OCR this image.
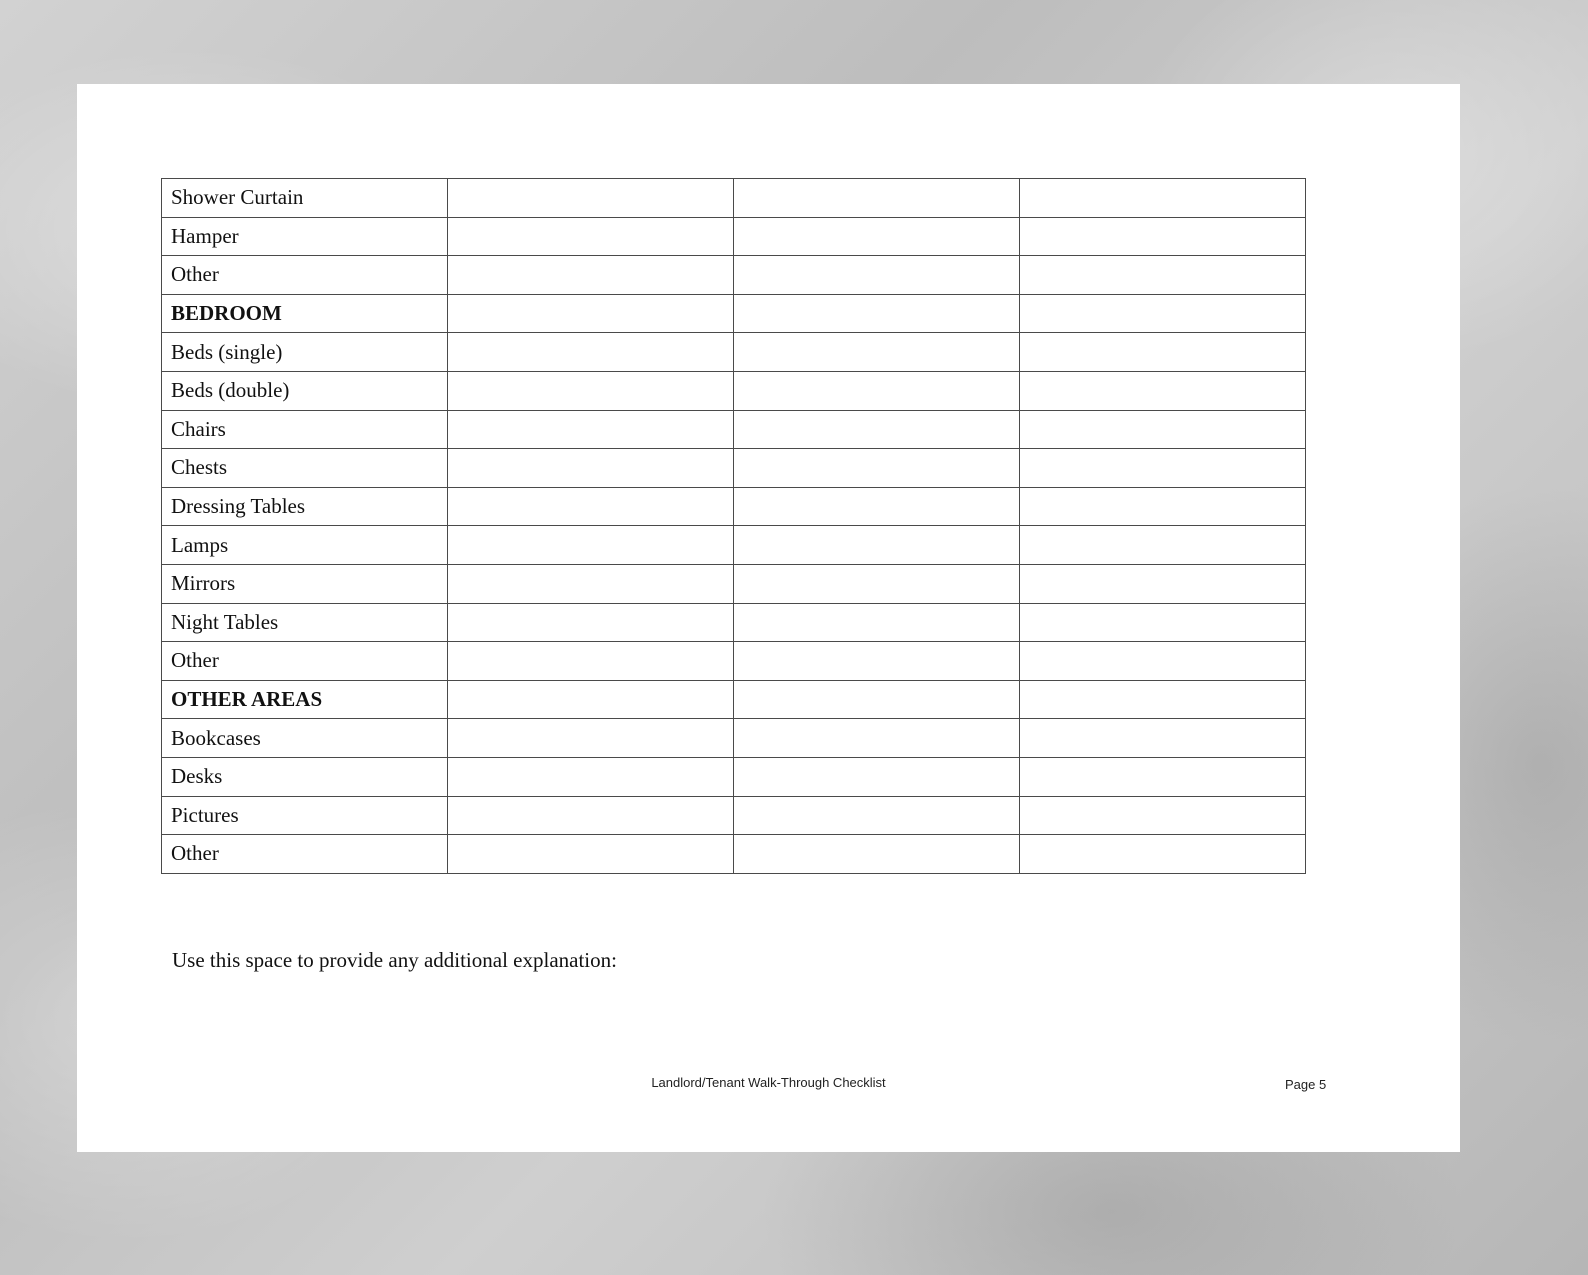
Shower Curtain			
Hamper			
Other			
BEDROOM			
Beds (single)			
Beds (double)			
Chairs			
Chests			
Dressing Tables			
Lamps			
Mirrors			
Night Tables			
Other			
OTHER AREAS			
Bookcases			
Desks			
Pictures			
Other			
Use this space to provide any additional explanation:
Landlord/Tenant Walk-Through Checklist	Page 5
